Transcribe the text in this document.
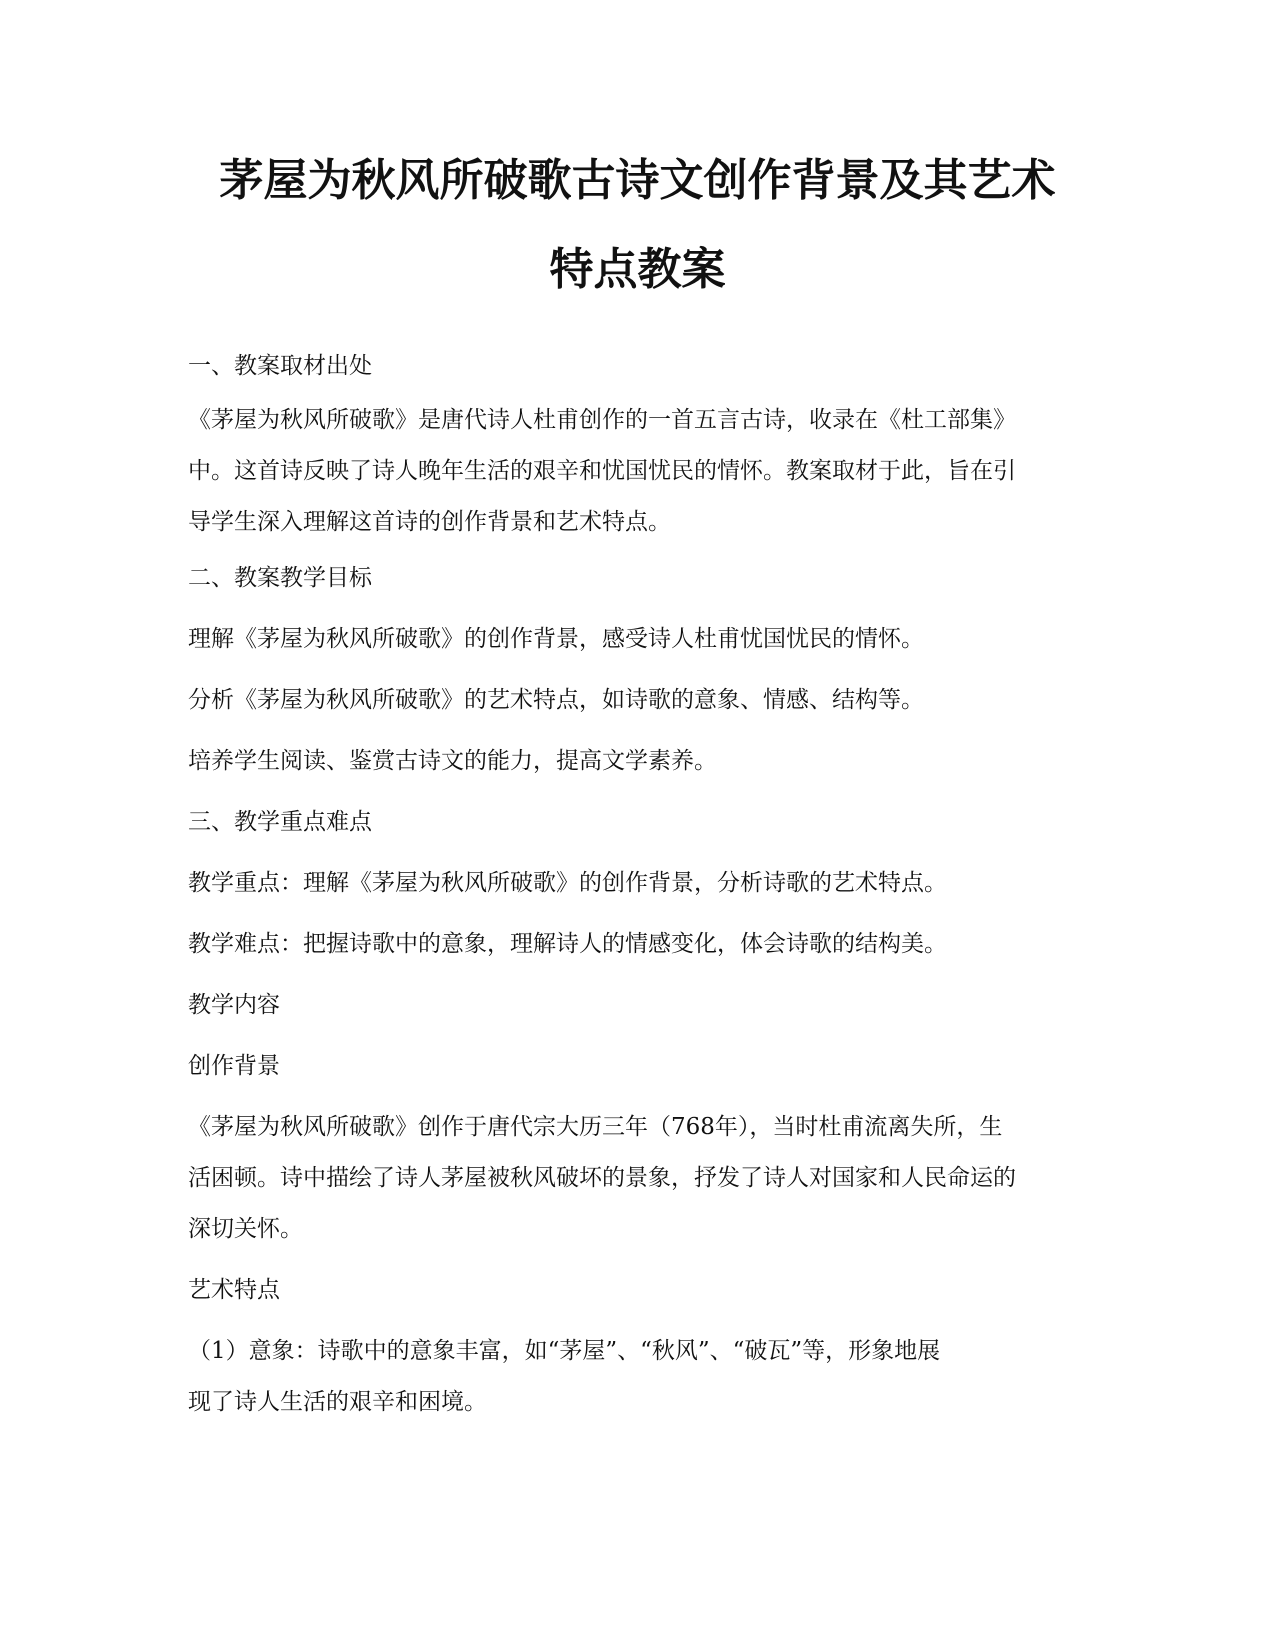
茅屋为秋风所破歌古诗文创作背景及其艺术
特点教案

一、教案取材出处

《茅屋为秋风所破歌》是唐代诗人杜甫创作的一首五言古诗，收录在《杜工部集》

中。这首诗反映了诗人晚年生活的艰辛和忧国忧民的情怀。教案取材于此，旨在引

导学生深入理解这首诗的创作背景和艺术特点。

二、教案教学目标

理解《茅屋为秋风所破歌》的创作背景，感受诗人杜甫忧国忧民的情怀。

分析《茅屋为秋风所破歌》的艺术特点，如诗歌的意象、情感、结构等。

培养学生阅读、鉴赏古诗文的能力，提高文学素养。

三、教学重点难点

教学重点：理解《茅屋为秋风所破歌》的创作背景，分析诗歌的艺术特点。

教学难点：把握诗歌中的意象，理解诗人的情感变化，体会诗歌的结构美。

教学内容

创作背景

《茅屋为秋风所破歌》创作于唐代宗大历三年（768年），当时杜甫流离失所，生

活困顿。诗中描绘了诗人茅屋被秋风破坏的景象，抒发了诗人对国家和人民命运的

深切关怀。

艺术特点

（1）意象：诗歌中的意象丰富，如“茅屋”、“秋风”、“破瓦”等，形象地展

现了诗人生活的艰辛和困境。
